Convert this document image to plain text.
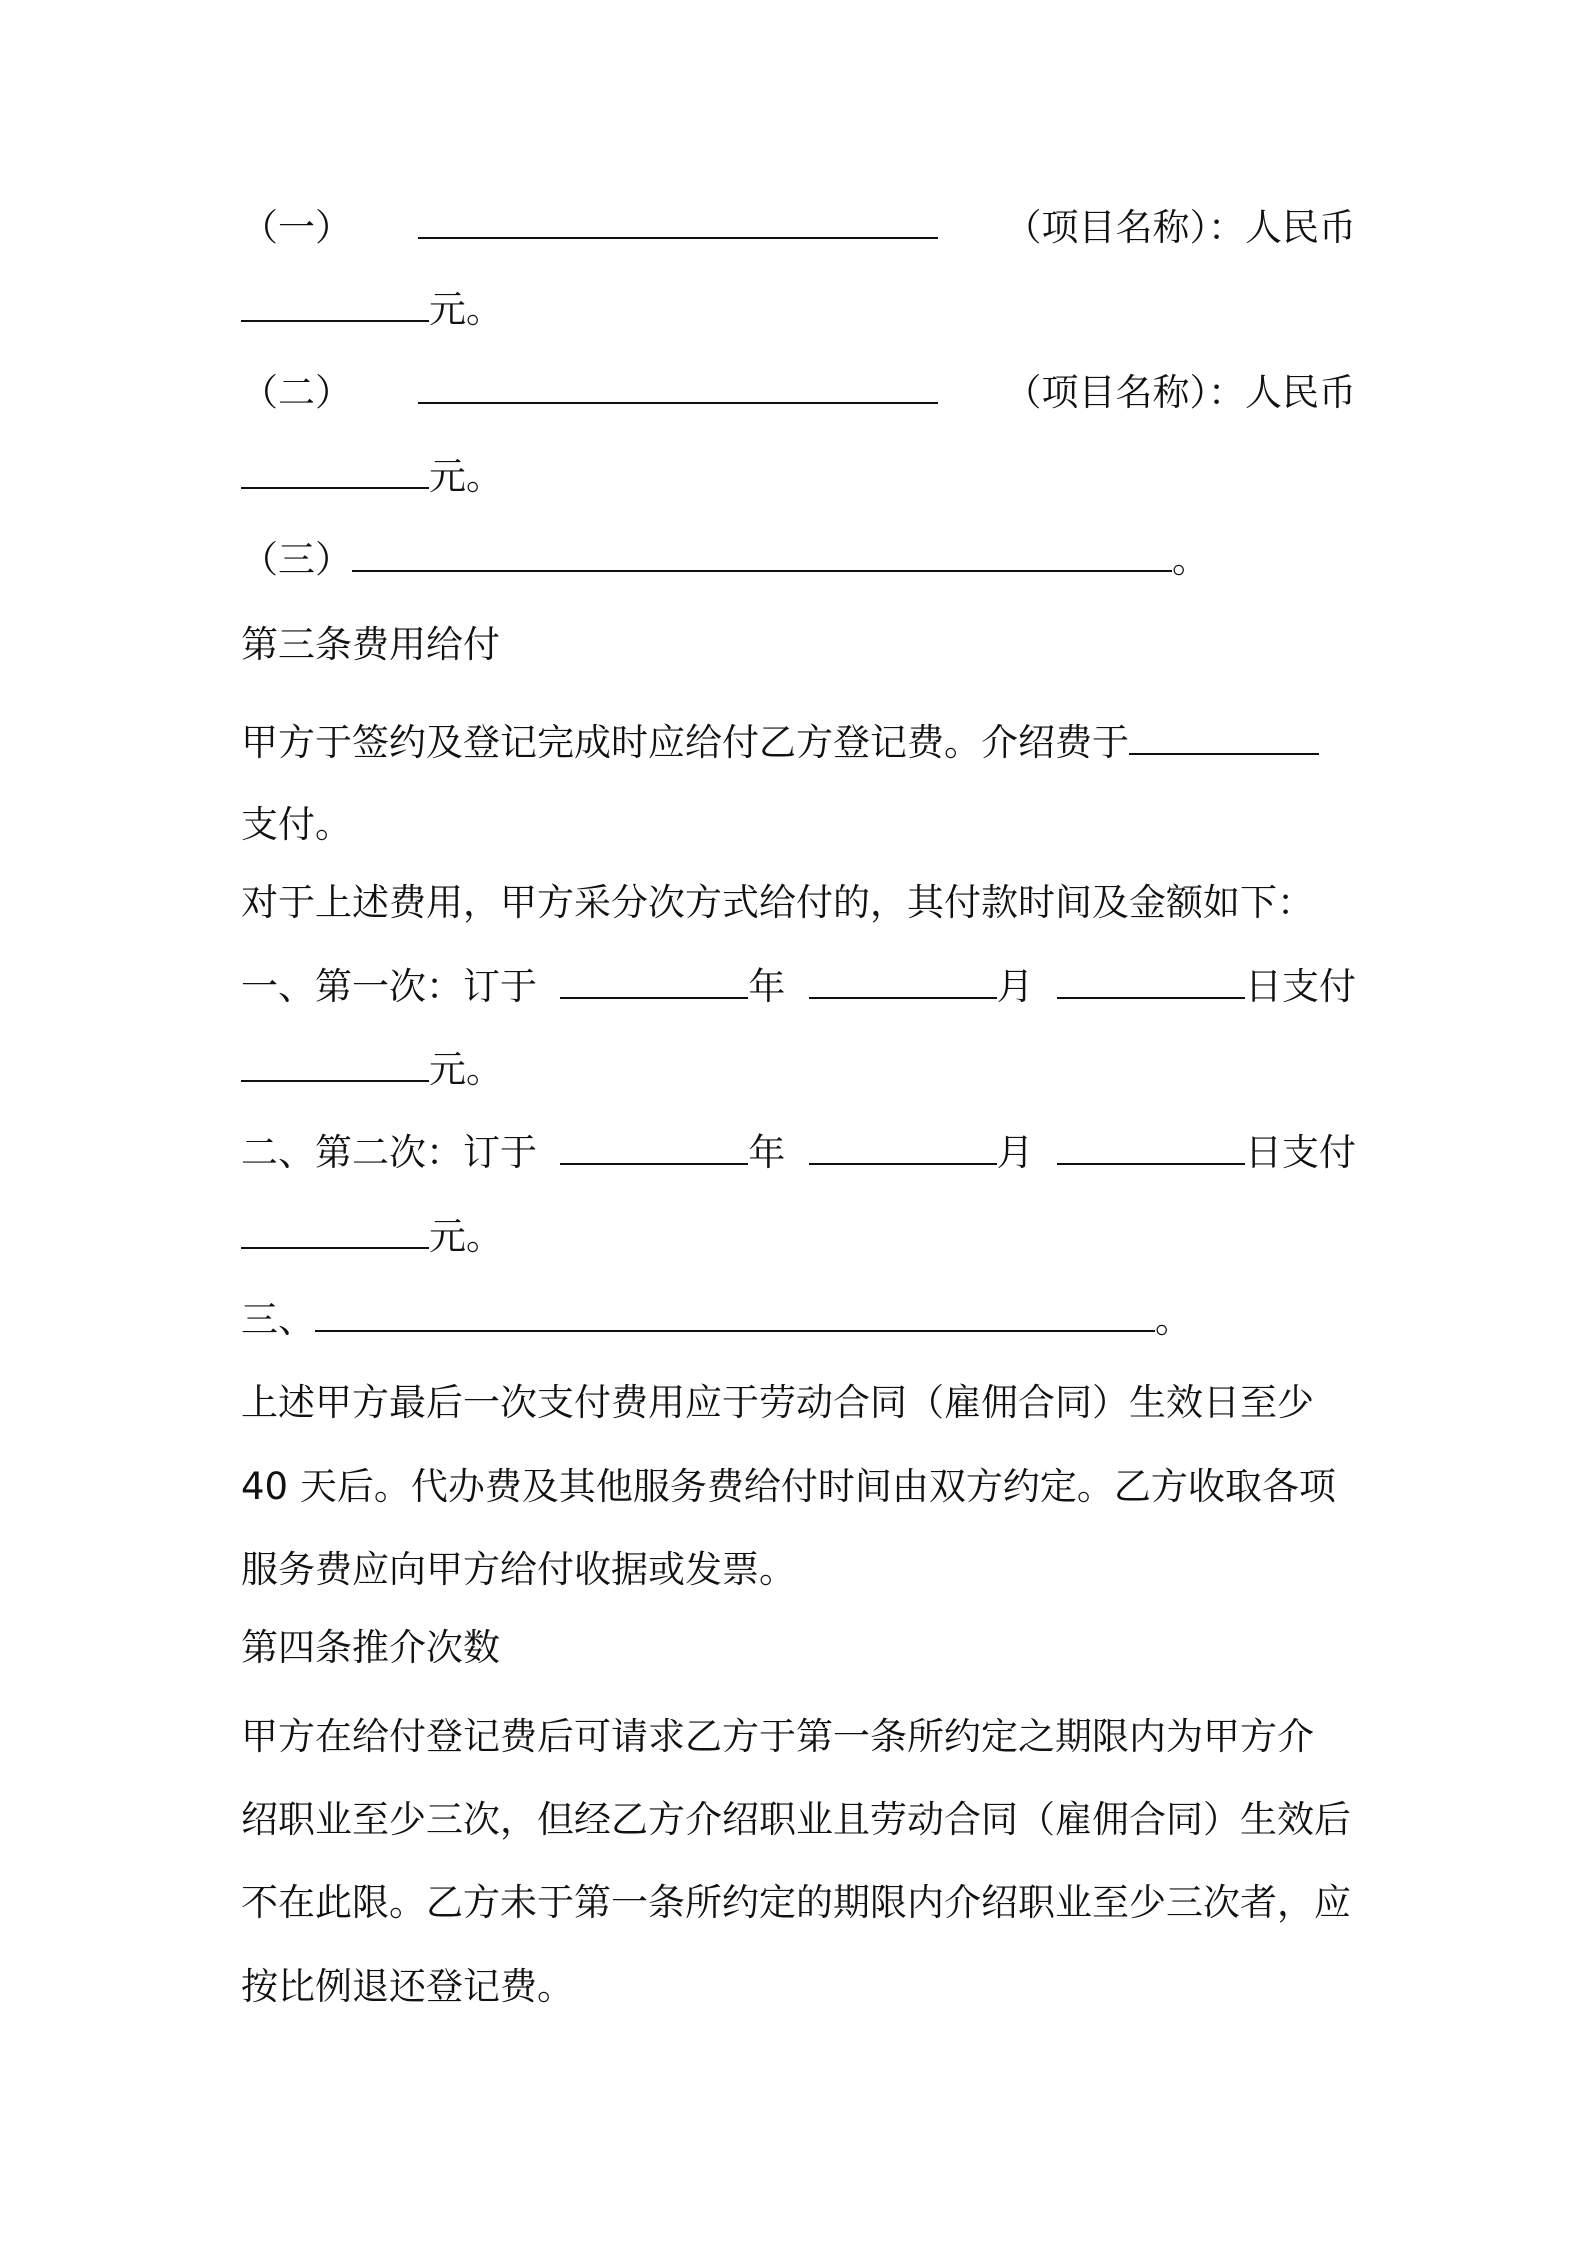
（一）	（项目名称）：人民币
元。
（二）	（项目名称）：人民币
元。
（三）	。
第三条费用给付
甲方于签约及登记完成时应给付乙方登记费。介绍费于
支付。
对于上述费用，甲方采分次方式给付的，其付款时间及金额如下：
一、第一次：订于	年	月	日支付
元。
二、第二次：订于	年	月	日支付
元。
三、	。
上述甲方最后一次支付费用应于劳动合同（雇佣合同）生效日至少
40 天后。代办费及其他服务费给付时间由双方约定。乙方收取各项
服务费应向甲方给付收据或发票。
第四条推介次数
甲方在给付登记费后可请求乙方于第一条所约定之期限内为甲方介
绍职业至少三次，但经乙方介绍职业且劳动合同（雇佣合同）生效后
不在此限。乙方未于第一条所约定的期限内介绍职业至少三次者，应
按比例退还登记费。
